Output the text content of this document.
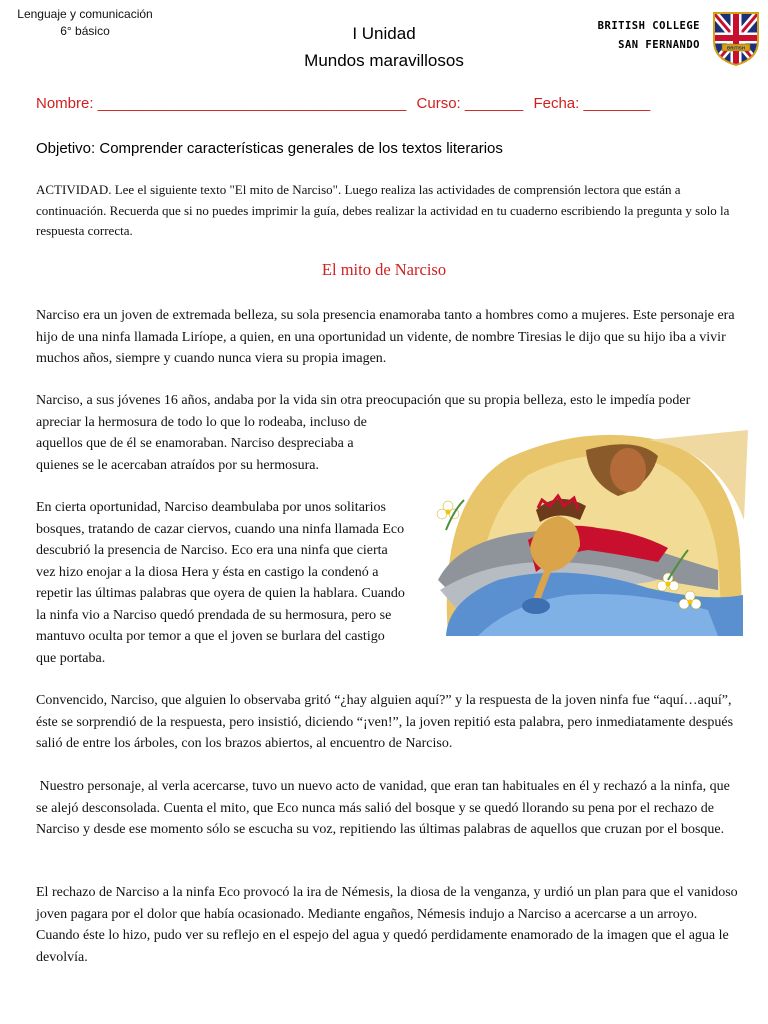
Lenguaje y comunicación
6° básico	I Unidad
Mundos maravillosos
BRITISH COLLEGE
SAN FERNANDO	BRITISH
Nombre: _____________________________________ Curso: _______ Fecha: ________
Objetivo: Comprender características generales de los textos literarios
ACTIVIDAD. Lee el siguiente texto "El mito de Narciso". Luego realiza las actividades de comprensión lectora que están a continuación. Recuerda que si no puedes imprimir la guía, debes realizar la actividad en tu cuaderno escribiendo la pregunta y solo la respuesta correcta.
El mito de Narciso
Narciso era un joven de extremada belleza, su sola presencia enamoraba tanto a hombres como a mujeres. Este personaje era hijo de una ninfa llamada Liríope, a quien, en una oportunidad un vidente, de nombre Tiresias le dijo que su hijo iba a vivir muchos años, siempre y cuando nunca viera su propia imagen.
Narciso, a sus jóvenes 16 años, andaba por la vida sin otra preocupación que su propia belleza, esto le impedía poder
apreciar la hermosura de todo lo que lo rodeaba, incluso de aquellos que de él se enamoraban. Narciso despreciaba a quienes se le acercaban atraídos por su hermosura.
En cierta oportunidad, Narciso deambulaba por unos solitarios bosques, tratando de cazar ciervos, cuando una ninfa llamada Eco descubrió la presencia de Narciso. Eco era una ninfa que cierta vez hizo enojar a la diosa Hera y ésta en castigo la condenó a repetir las últimas palabras que oyera de quien la hablara. Cuando la ninfa vio a Narciso quedó prendada de su hermosura, pero se mantuvo oculta por temor a que el joven se burlara del castigo que portaba.
Convencido, Narciso, que alguien lo observaba gritó “¿hay alguien aquí?” y la respuesta de la joven ninfa fue “aquí…aquí”, éste se sorprendió de la respuesta, pero insistió, diciendo “¡ven!”, la joven repitió esta palabra, pero inmediatamente después salió de entre los árboles, con los brazos abiertos, al encuentro de Narciso.
Nuestro personaje, al verla acercarse, tuvo un nuevo acto de vanidad, que eran tan habituales en él y rechazó a la ninfa, que se alejó desconsolada. Cuenta el mito, que Eco nunca más salió del bosque y se quedó llorando su pena por el rechazo de Narciso y desde ese momento sólo se escucha su voz, repitiendo las últimas palabras de aquellos que cruzan por el bosque.
El rechazo de Narciso a la ninfa Eco provocó la ira de Némesis, la diosa de la venganza, y urdió un plan para que el vanidoso joven pagara por el dolor que había ocasionado. Mediante engaños, Némesis indujo a Narciso a acercarse a un arroyo. Cuando éste lo hizo, pudo ver su reflejo en el espejo del agua y quedó perdidamente enamorado de la imagen que el agua le devolvía.
